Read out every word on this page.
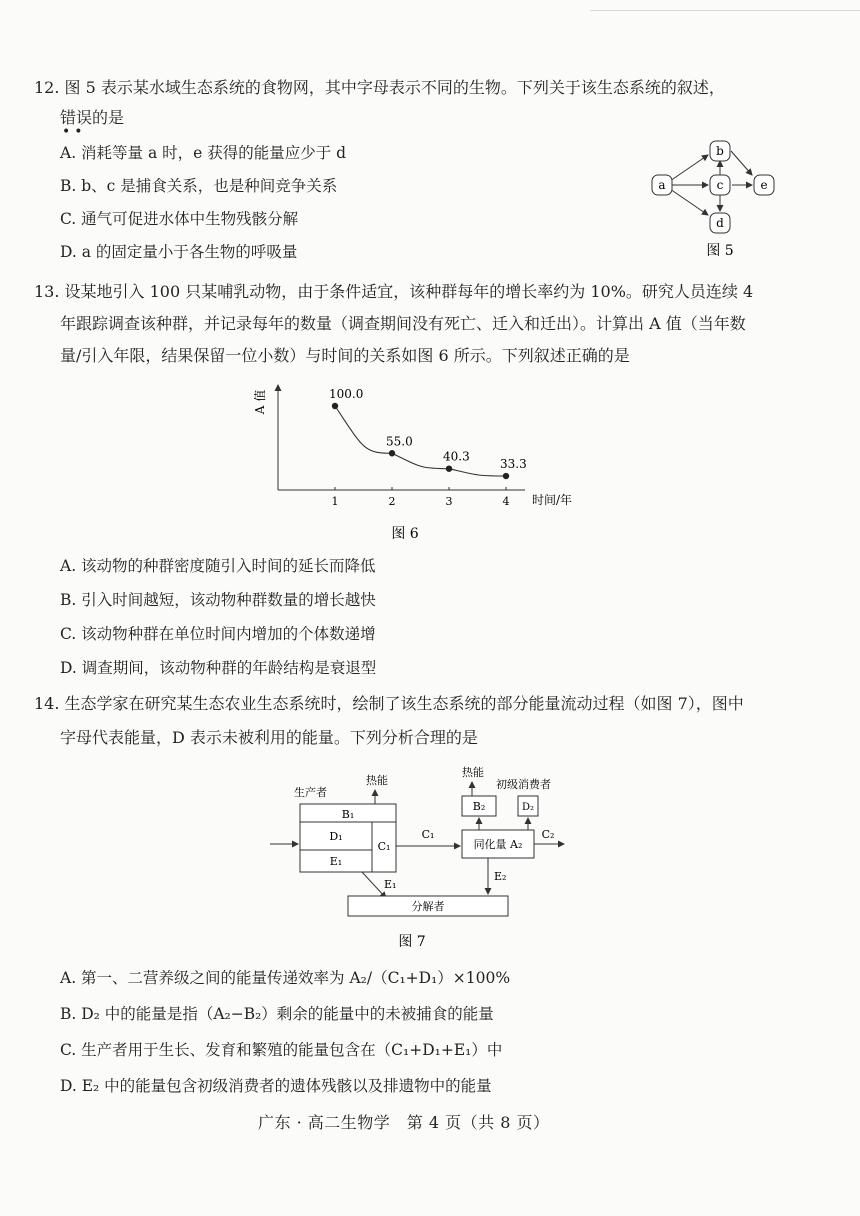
12. 图 5 表示某水域生态系统的食物网，其中字母表示不同的生物。下列关于该生态系统的叙述，
错误的是
••
A. 消耗等量 a 时，e 获得的能量应少于 d
B. b、c 是捕食关系，也是种间竞争关系
C. 通气可促进水体中生物残骸分解
D. a 的固定量小于各生物的呼吸量
a
b
c
d
e
图 5
13. 设某地引入 100 只某哺乳动物，由于条件适宜，该种群每年的增长率约为 10%。研究人员连续 4
年跟踪调查该种群，并记录每年的数量（调查期间没有死亡、迁入和迁出）。计算出 A 值（当年数
量/引入年限，结果保留一位小数）与时间的关系如图 6 所示。下列叙述正确的是
A 值
时间/年
100.0
1
55.0
2
40.3
3
33.3
4
图 6
A. 该动物的种群密度随引入时间的延长而降低
B. 引入时间越短，该动物种群数量的增长越快
C. 该动物种群在单位时间内增加的个体数递增
D. 调查期间，该动物种群的年龄结构是衰退型
14. 生态学家在研究某生态农业生态系统时，绘制了该生态系统的部分能量流动过程（如图 7），图中
字母代表能量，D 表示未被利用的能量。下列分析合理的是
生产者
热能
B₁
D₁
E₁
C₁
C₁
E₁
同化量 A₂
B₂	D₂
热能
初级消费者
C₂
E₂
分解者
图 7
A. 第一、二营养级之间的能量传递效率为 A₂/（C₁+D₁）×100%
B. D₂ 中的能量是指（A₂−B₂）剩余的能量中的未被捕食的能量
C. 生产者用于生长、发育和繁殖的能量包含在（C₁+D₁+E₁）中
D. E₂ 中的能量包含初级消费者的遗体残骸以及排遗物中的能量
广东 · 高二生物学　第 4 页（共 8 页）
